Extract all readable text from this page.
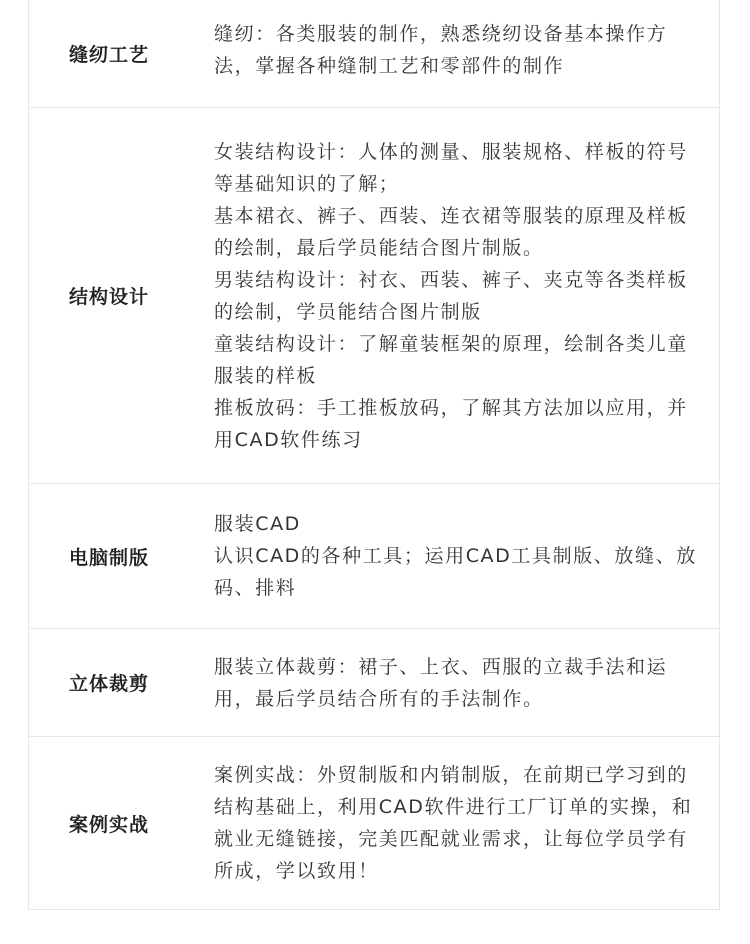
缝纫工艺

缝纫：各类服装的制作，熟悉绕纫设备基本操作方法，掌握各种缝制工艺和零部件的制作

结构设计

女装结构设计：人体的测量、服装规格、样板的符号等基础知识的了解；

基本裙衣、裤子、西装、连衣裙等服装的原理及样板的绘制，最后学员能结合图片制版。

男装结构设计：衬衣、西装、裤子、夹克等各类样板的绘制，学员能结合图片制版

童装结构设计：了解童装框架的原理，绘制各类儿童服装的样板

推板放码：手工推板放码，了解其方法加以应用，并用CAD软件练习

电脑制版

服装CAD

认识CAD的各种工具；运用CAD工具制版、放缝、放码、排料

立体裁剪

服装立体裁剪：裙子、上衣、西服的立裁手法和运用，最后学员结合所有的手法制作。

案例实战

案例实战：外贸制版和内销制版，在前期已学习到的结构基础上，利用CAD软件进行工厂订单的实操，和就业无缝链接，完美匹配就业需求，让每位学员学有所成，学以致用！
